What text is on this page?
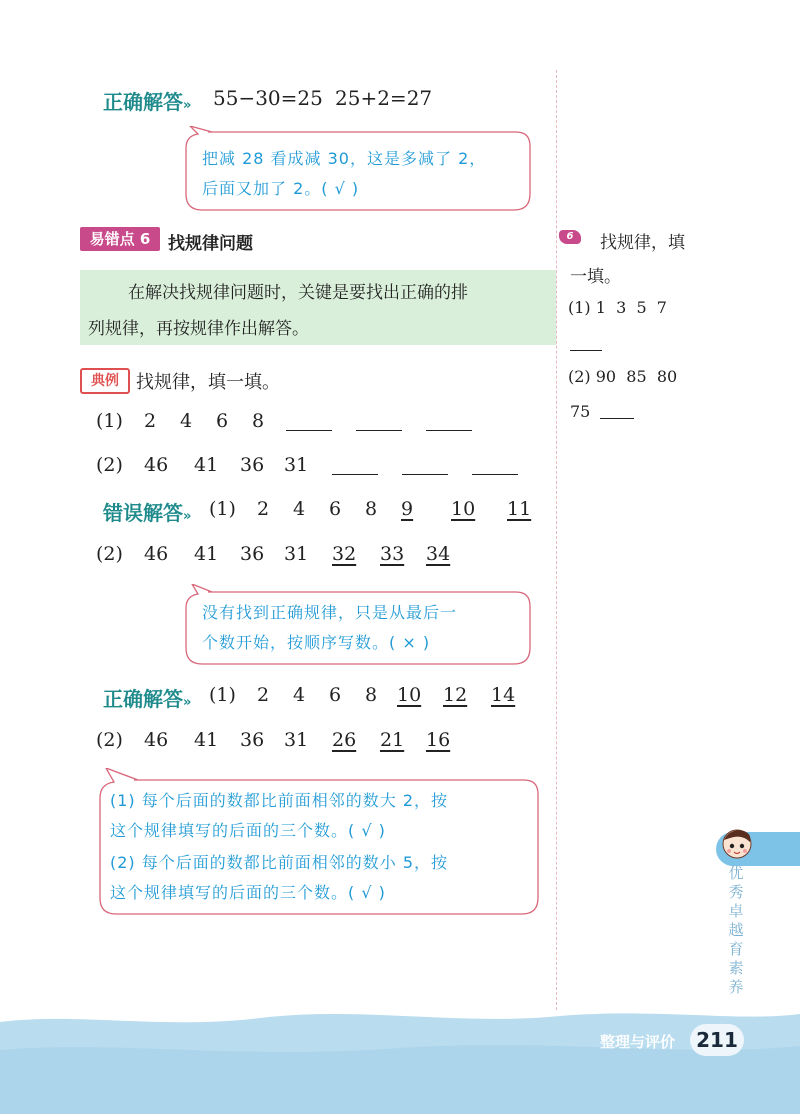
正确解答» 55−30=25 25+2=27
把减 28 看成减 30，这是多减了 2，
后面又加了 2。( √ )
易错点 6	找规律问题
在解决找规律问题时，关键是要找出正确的排
列规律，再按规律作出解答。
典例 找规律，填一填。
(1) 2 4 6 8
(2) 46 41 36 31
错误解答» (1) 2 4 6 8	9	10	11
(2) 46 41 36 31 32 33 34
没有找到正确规律，只是从最后一
个数开始，按顺序写数。( × )
正确解答» (1) 2 4 6 8 10 12 14
(2) 46 41 36 31 26 21 16
(1) 每个后面的数都比前面相邻的数大 2，按
这个规律填写的后面的三个数。( √ )
(2) 每个后面的数都比前面相邻的数小 5，按
这个规律填写的后面的三个数。( √ )
6	找规律，填
一填。
(1) 1  3  5  7
(2) 90  85  80
75
优
秀
卓
越
育
素
养
整理与评价	211
